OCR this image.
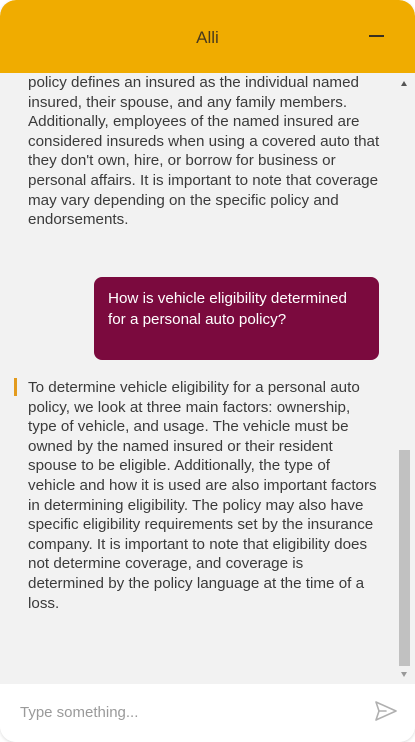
Alli
policy defines an insured as the individual named insured, their spouse, and any family members. Additionally, employees of the named insured are considered insureds when using a covered auto that they don't own, hire, or borrow for business or personal affairs. It is important to note that coverage may vary depending on the specific policy and endorsements.
How is vehicle eligibility determined for a personal auto policy?
To determine vehicle eligibility for a personal auto policy, we look at three main factors: ownership, type of vehicle, and usage. The vehicle must be owned by the named insured or their resident spouse to be eligible. Additionally, the type of vehicle and how it is used are also important factors in determining eligibility. The policy may also have specific eligibility requirements set by the insurance company. It is important to note that eligibility does not determine coverage, and coverage is determined by the policy language at the time of a loss.
Type something...
